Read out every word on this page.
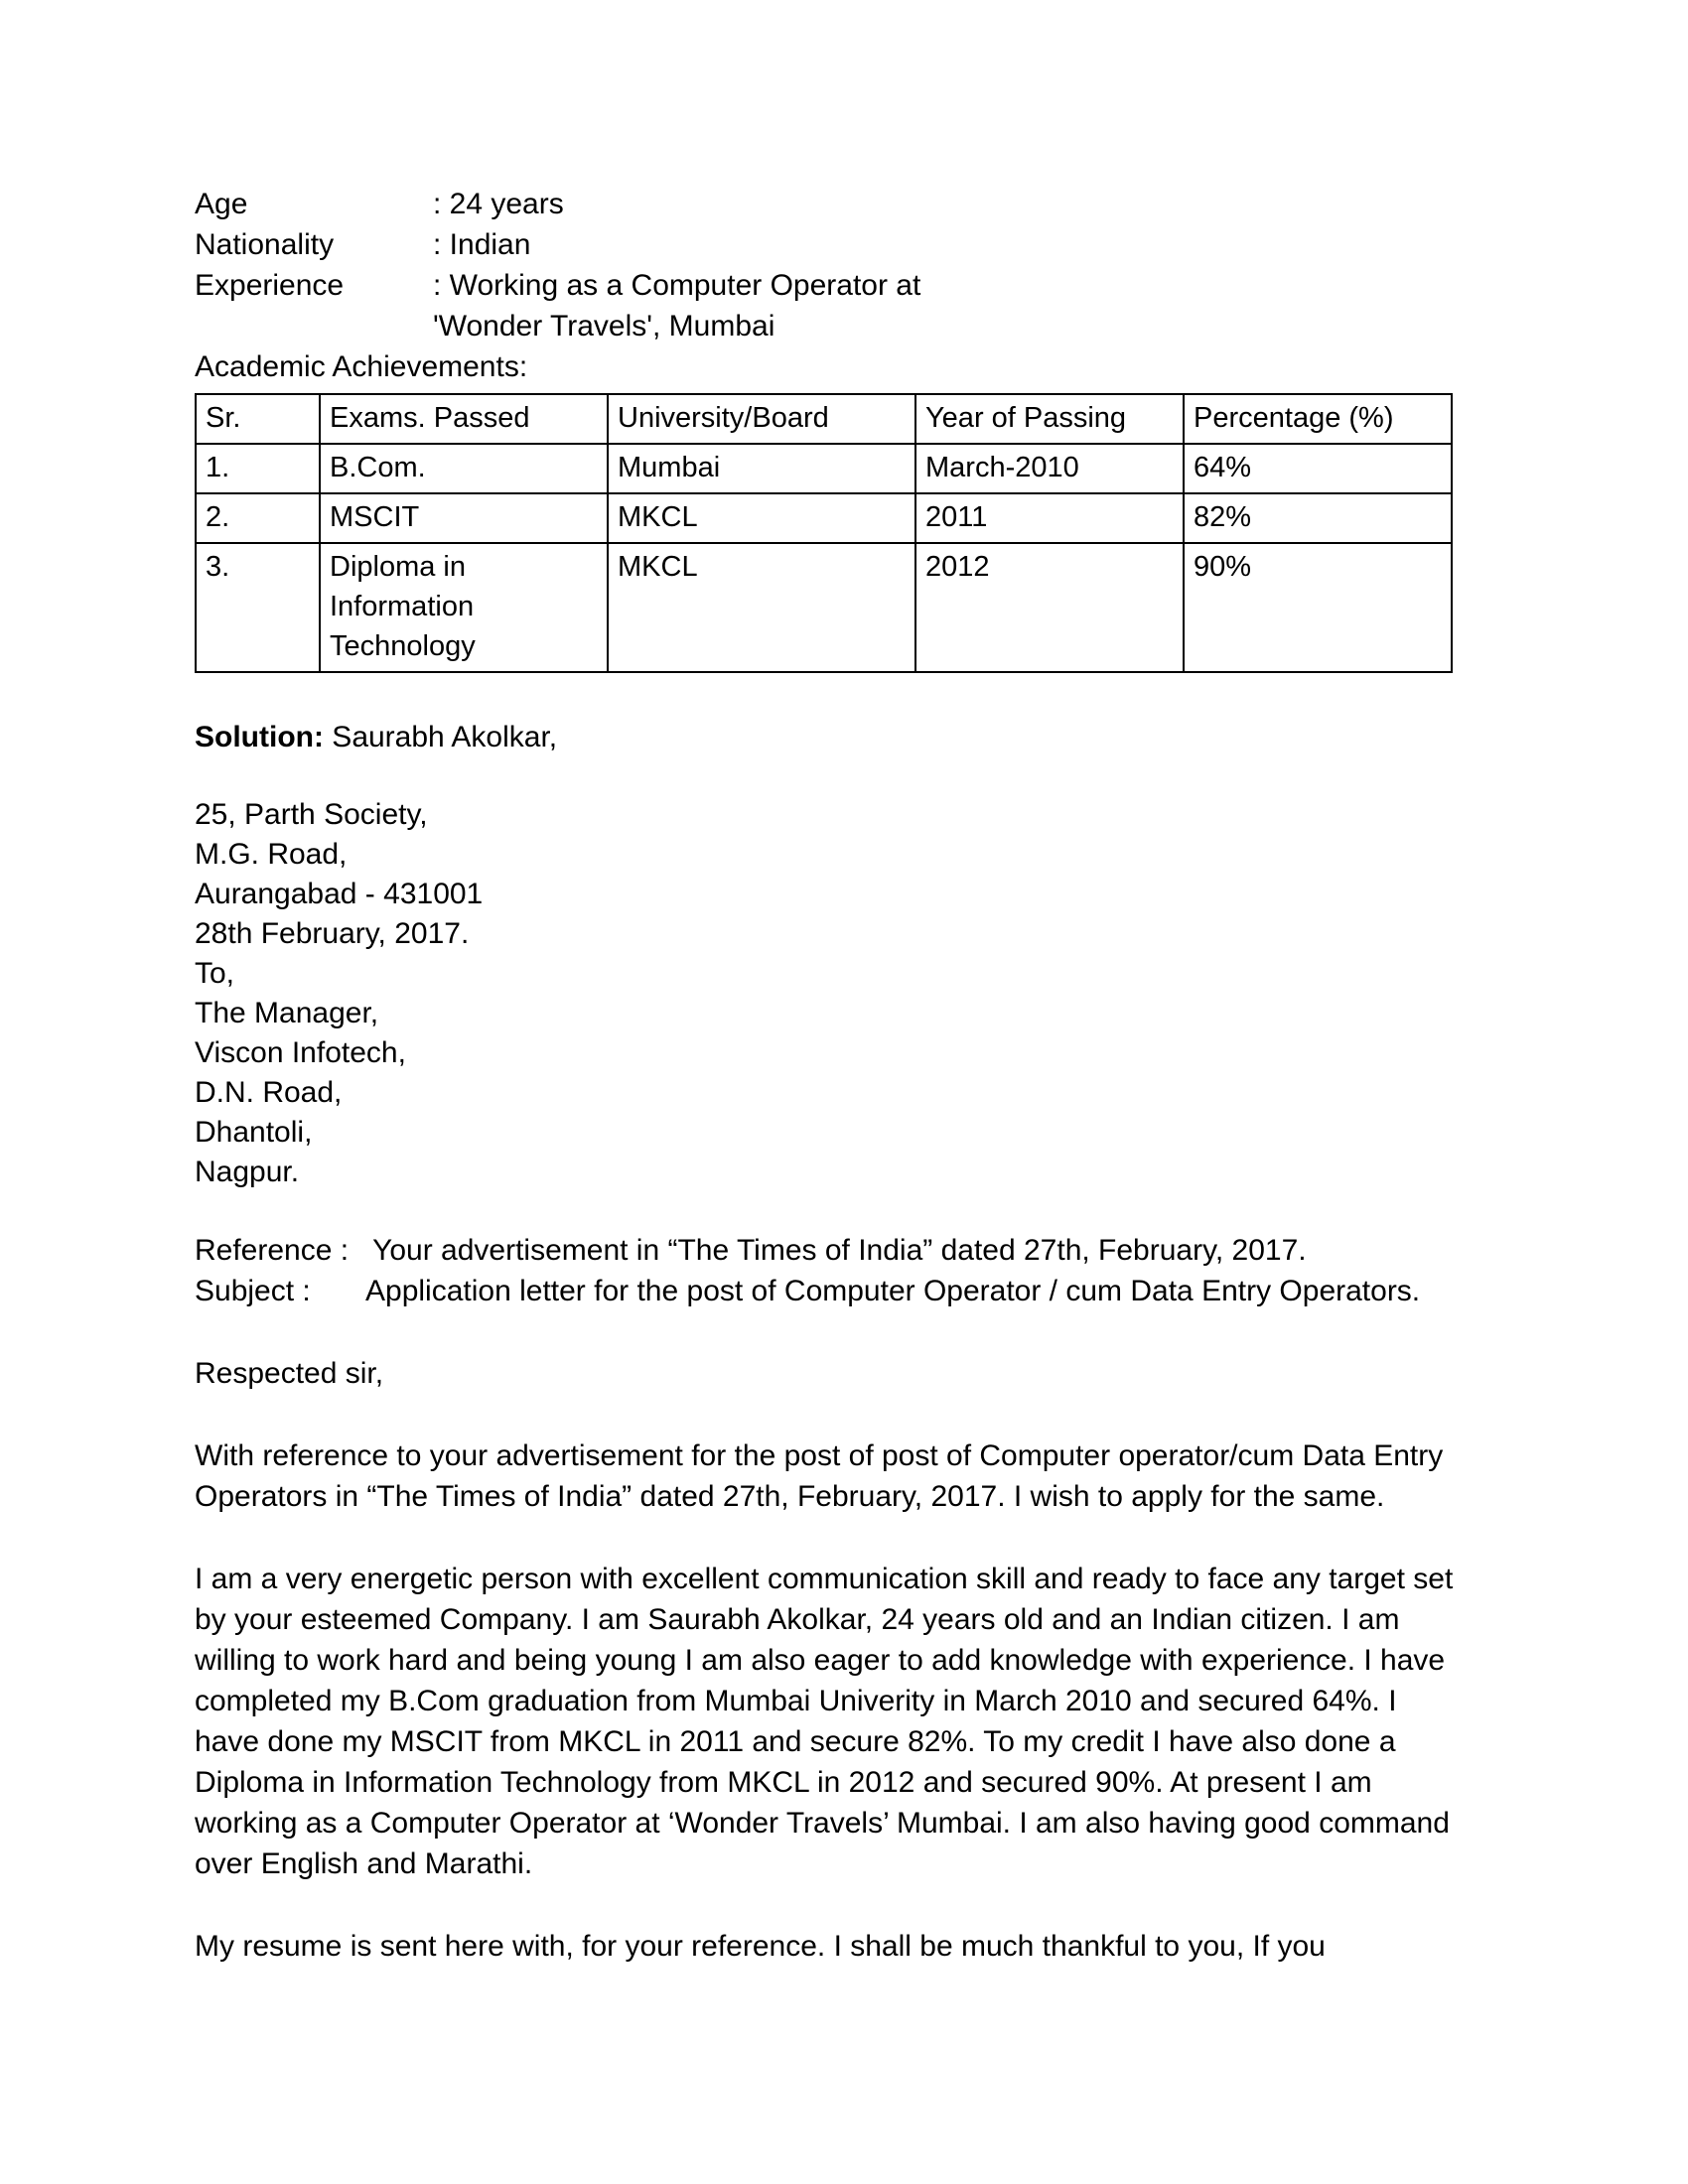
Age	: 24 years
Nationality	: Indian
Experience	: Working as a Computer Operator at
'Wonder Travels', Mumbai
Academic Achievements:
Sr.	Exams. Passed	University/Board	Year of Passing	Percentage (%)
1.	B.Com.	Mumbai	March-2010	64%
2.	MSCIT	MKCL	2011	82%
3.	Diploma in Information Technology	MKCL	2012	90%
Solution: Saurabh Akolkar,
25, Parth Society,
M.G. Road,
Aurangabad - 431001
28th February, 2017.
To,
The Manager,
Viscon Infotech,
D.N. Road,
Dhantoli,
Nagpur.
Reference : Your advertisement in “The Times of India” dated 27th, February, 2017.
Subject : Application letter for the post of Computer Operator / cum Data Entry Operators.
Respected sir,

With reference to your advertisement for the post of post of Computer operator/cum Data Entry Operators in “The Times of India” dated 27th, February, 2017. I wish to apply for the same.

I am a very energetic person with excellent communication skill and ready to face any target set by your esteemed Company. I am Saurabh Akolkar, 24 years old and an Indian citizen. I am willing to work hard and being young I am also eager to add knowledge with experience. I have completed my B.Com graduation from Mumbai Univerity in March 2010 and secured 64%. I have done my MSCIT from MKCL in 2011 and secure 82%. To my credit I have also done a Diploma in Information Technology from MKCL in 2012 and secured 90%. At present I am working as a Computer Operator at ‘Wonder Travels’ Mumbai. I am also having good command over English and Marathi.

My resume is sent here with, for your reference. I shall be much thankful to you, If you
